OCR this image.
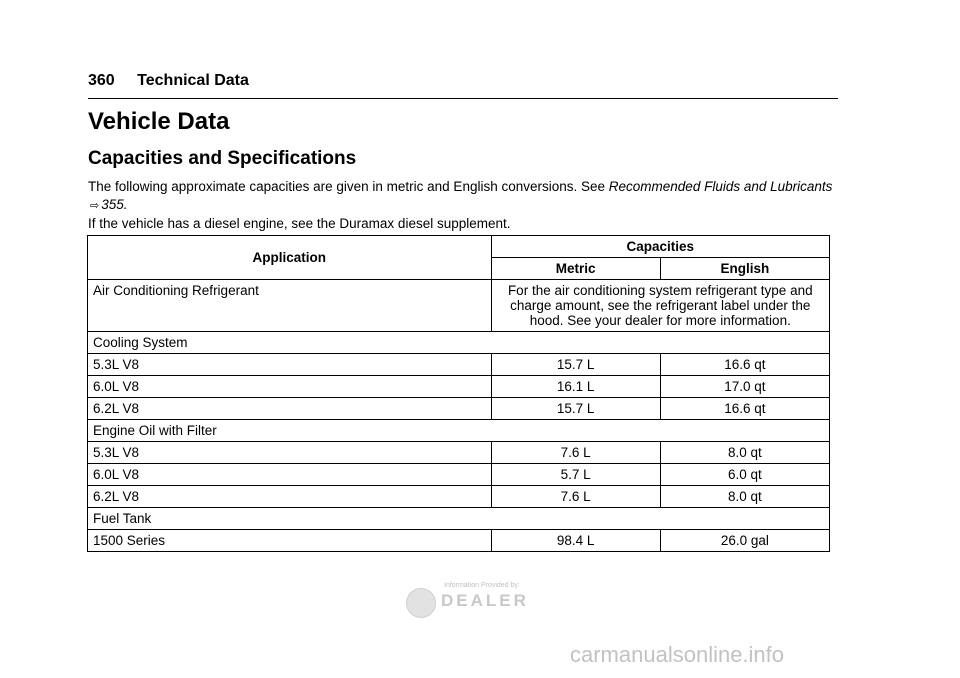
360 Technical Data
Vehicle Data
Capacities and Specifications
The following approximate capacities are given in metric and English conversions. See Recommended Fluids and Lubricants ⇨ 355.
If the vehicle has a diesel engine, see the Duramax diesel supplement.
Application	Capacities	
	Metric	English
Air Conditioning Refrigerant	For the air conditioning system refrigerant type and charge amount, see the refrigerant label under the hood. See your dealer for more information.	
Cooling System		
5.3L V8	15.7 L	16.6 qt
6.0L V8	16.1 L	17.0 qt
6.2L V8	15.7 L	16.6 qt
Engine Oil with Filter		
5.3L V8	7.6 L	8.0 qt
6.0L V8	5.7 L	6.0 qt
6.2L V8	7.6 L	8.0 qt
Fuel Tank		
1500 Series	98.4 L	26.0 gal
Information Provided by:
DEALER
carmanualsonline.info
